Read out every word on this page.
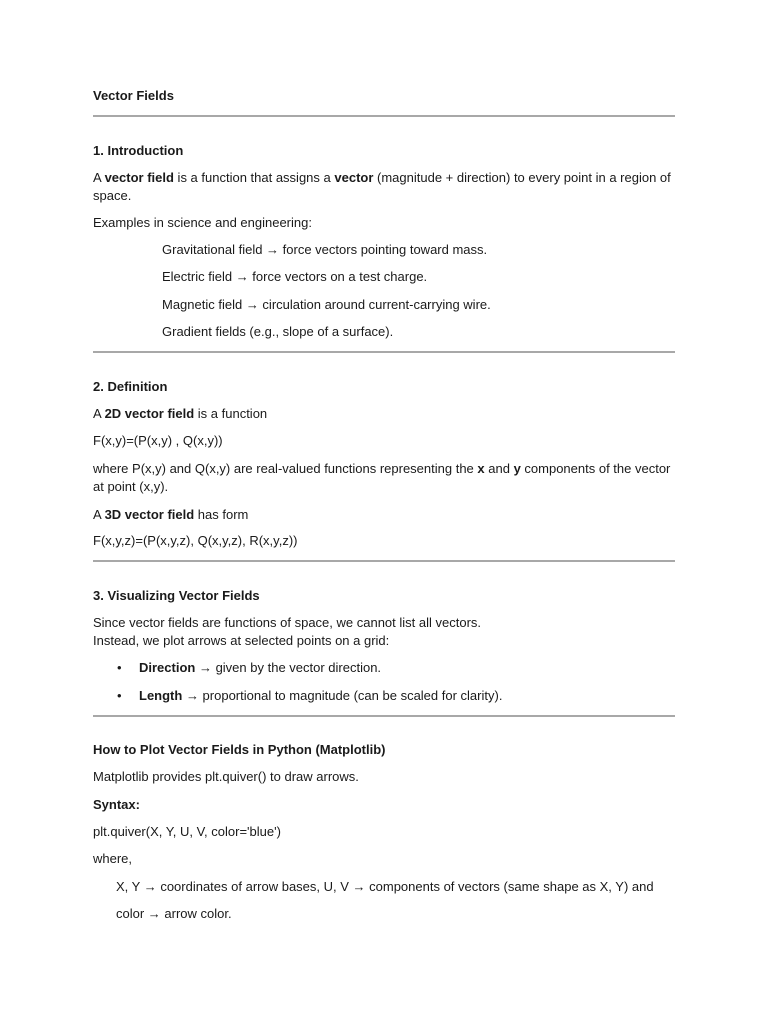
Vector Fields
1. Introduction
A vector field is a function that assigns a vector (magnitude + direction) to every point in a region of space.
Examples in science and engineering:
Gravitational field → force vectors pointing toward mass.
Electric field → force vectors on a test charge.
Magnetic field → circulation around current-carrying wire.
Gradient fields (e.g., slope of a surface).
2. Definition
A 2D vector field is a function
F(x,y)=(P(x,y) , Q(x,y))
where P(x,y) and Q(x,y) are real-valued functions representing the x and y components of the vector at point (x,y).
A 3D vector field has form
F(x,y,z)=(P(x,y,z), Q(x,y,z), R(x,y,z))
3. Visualizing Vector Fields
Since vector fields are functions of space, we cannot list all vectors.
Instead, we plot arrows at selected points on a grid:
• Direction → given by the vector direction.
• Length → proportional to magnitude (can be scaled for clarity).
How to Plot Vector Fields in Python (Matplotlib)
Matplotlib provides plt.quiver() to draw arrows.
Syntax:
plt.quiver(X, Y, U, V, color='blue')
where,
X, Y → coordinates of arrow bases, U, V → components of vectors (same shape as X, Y) and
color → arrow color.
